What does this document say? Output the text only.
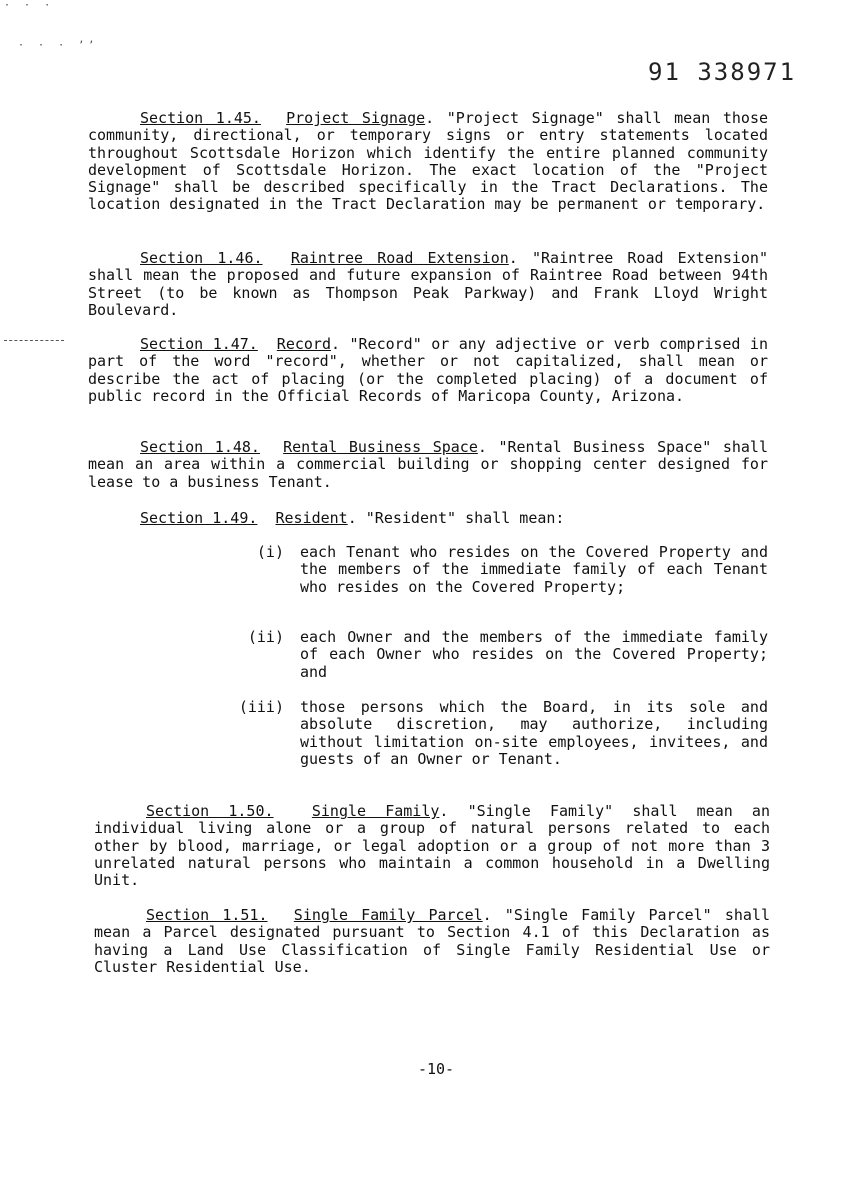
· · ·
· · · ʼʼ
91 338971
Section 1.45. Project Signage. "Project Signage" shall mean those community, directional, or temporary signs or entry statements located throughout Scottsdale Horizon which identify the entire planned community development of Scottsdale Horizon. The exact location of the "Project Signage" shall be described specifically in the Tract Declarations. The location designated in the Tract Declaration may be permanent or temporary.
Section 1.46. Raintree Road Extension. "Raintree Road Extension" shall mean the proposed and future expansion of Raintree Road between 94th Street (to be known as Thompson Peak Parkway) and Frank Lloyd Wright Boulevard.
Section 1.47. Record. "Record" or any adjective or verb comprised in part of the word "record", whether or not capitalized, shall mean or describe the act of placing (or the completed placing) of a document of public record in the Official Records of Maricopa County, Arizona.
Section 1.48. Rental Business Space. "Rental Business Space" shall mean an area within a commercial building or shopping center designed for lease to a business Tenant.
Section 1.49. Resident. "Resident" shall mean:
(i) each Tenant who resides on the Covered Property and the members of the immediate family of each Tenant who resides on the Covered Property;
(ii) each Owner and the members of the immediate family of each Owner who resides on the Covered Property; and
(iii) those persons which the Board, in its sole and absolute discretion, may authorize, including without limitation on-site employees, invitees, and guests of an Owner or Tenant.
Section 1.50.	Single Family. "Single Family" shall mean an individual living alone or a group of natural persons related to each other by blood, marriage, or legal adoption or a group of not more than 3 unrelated natural persons who maintain a common household in a Dwelling Unit.
Section 1.51. Single Family Parcel. "Single Family Parcel" shall mean a Parcel designated pursuant to Section 4.1 of this Declaration as having a Land Use Classification of Single Family Residential Use or Cluster Residential Use.
-10-
